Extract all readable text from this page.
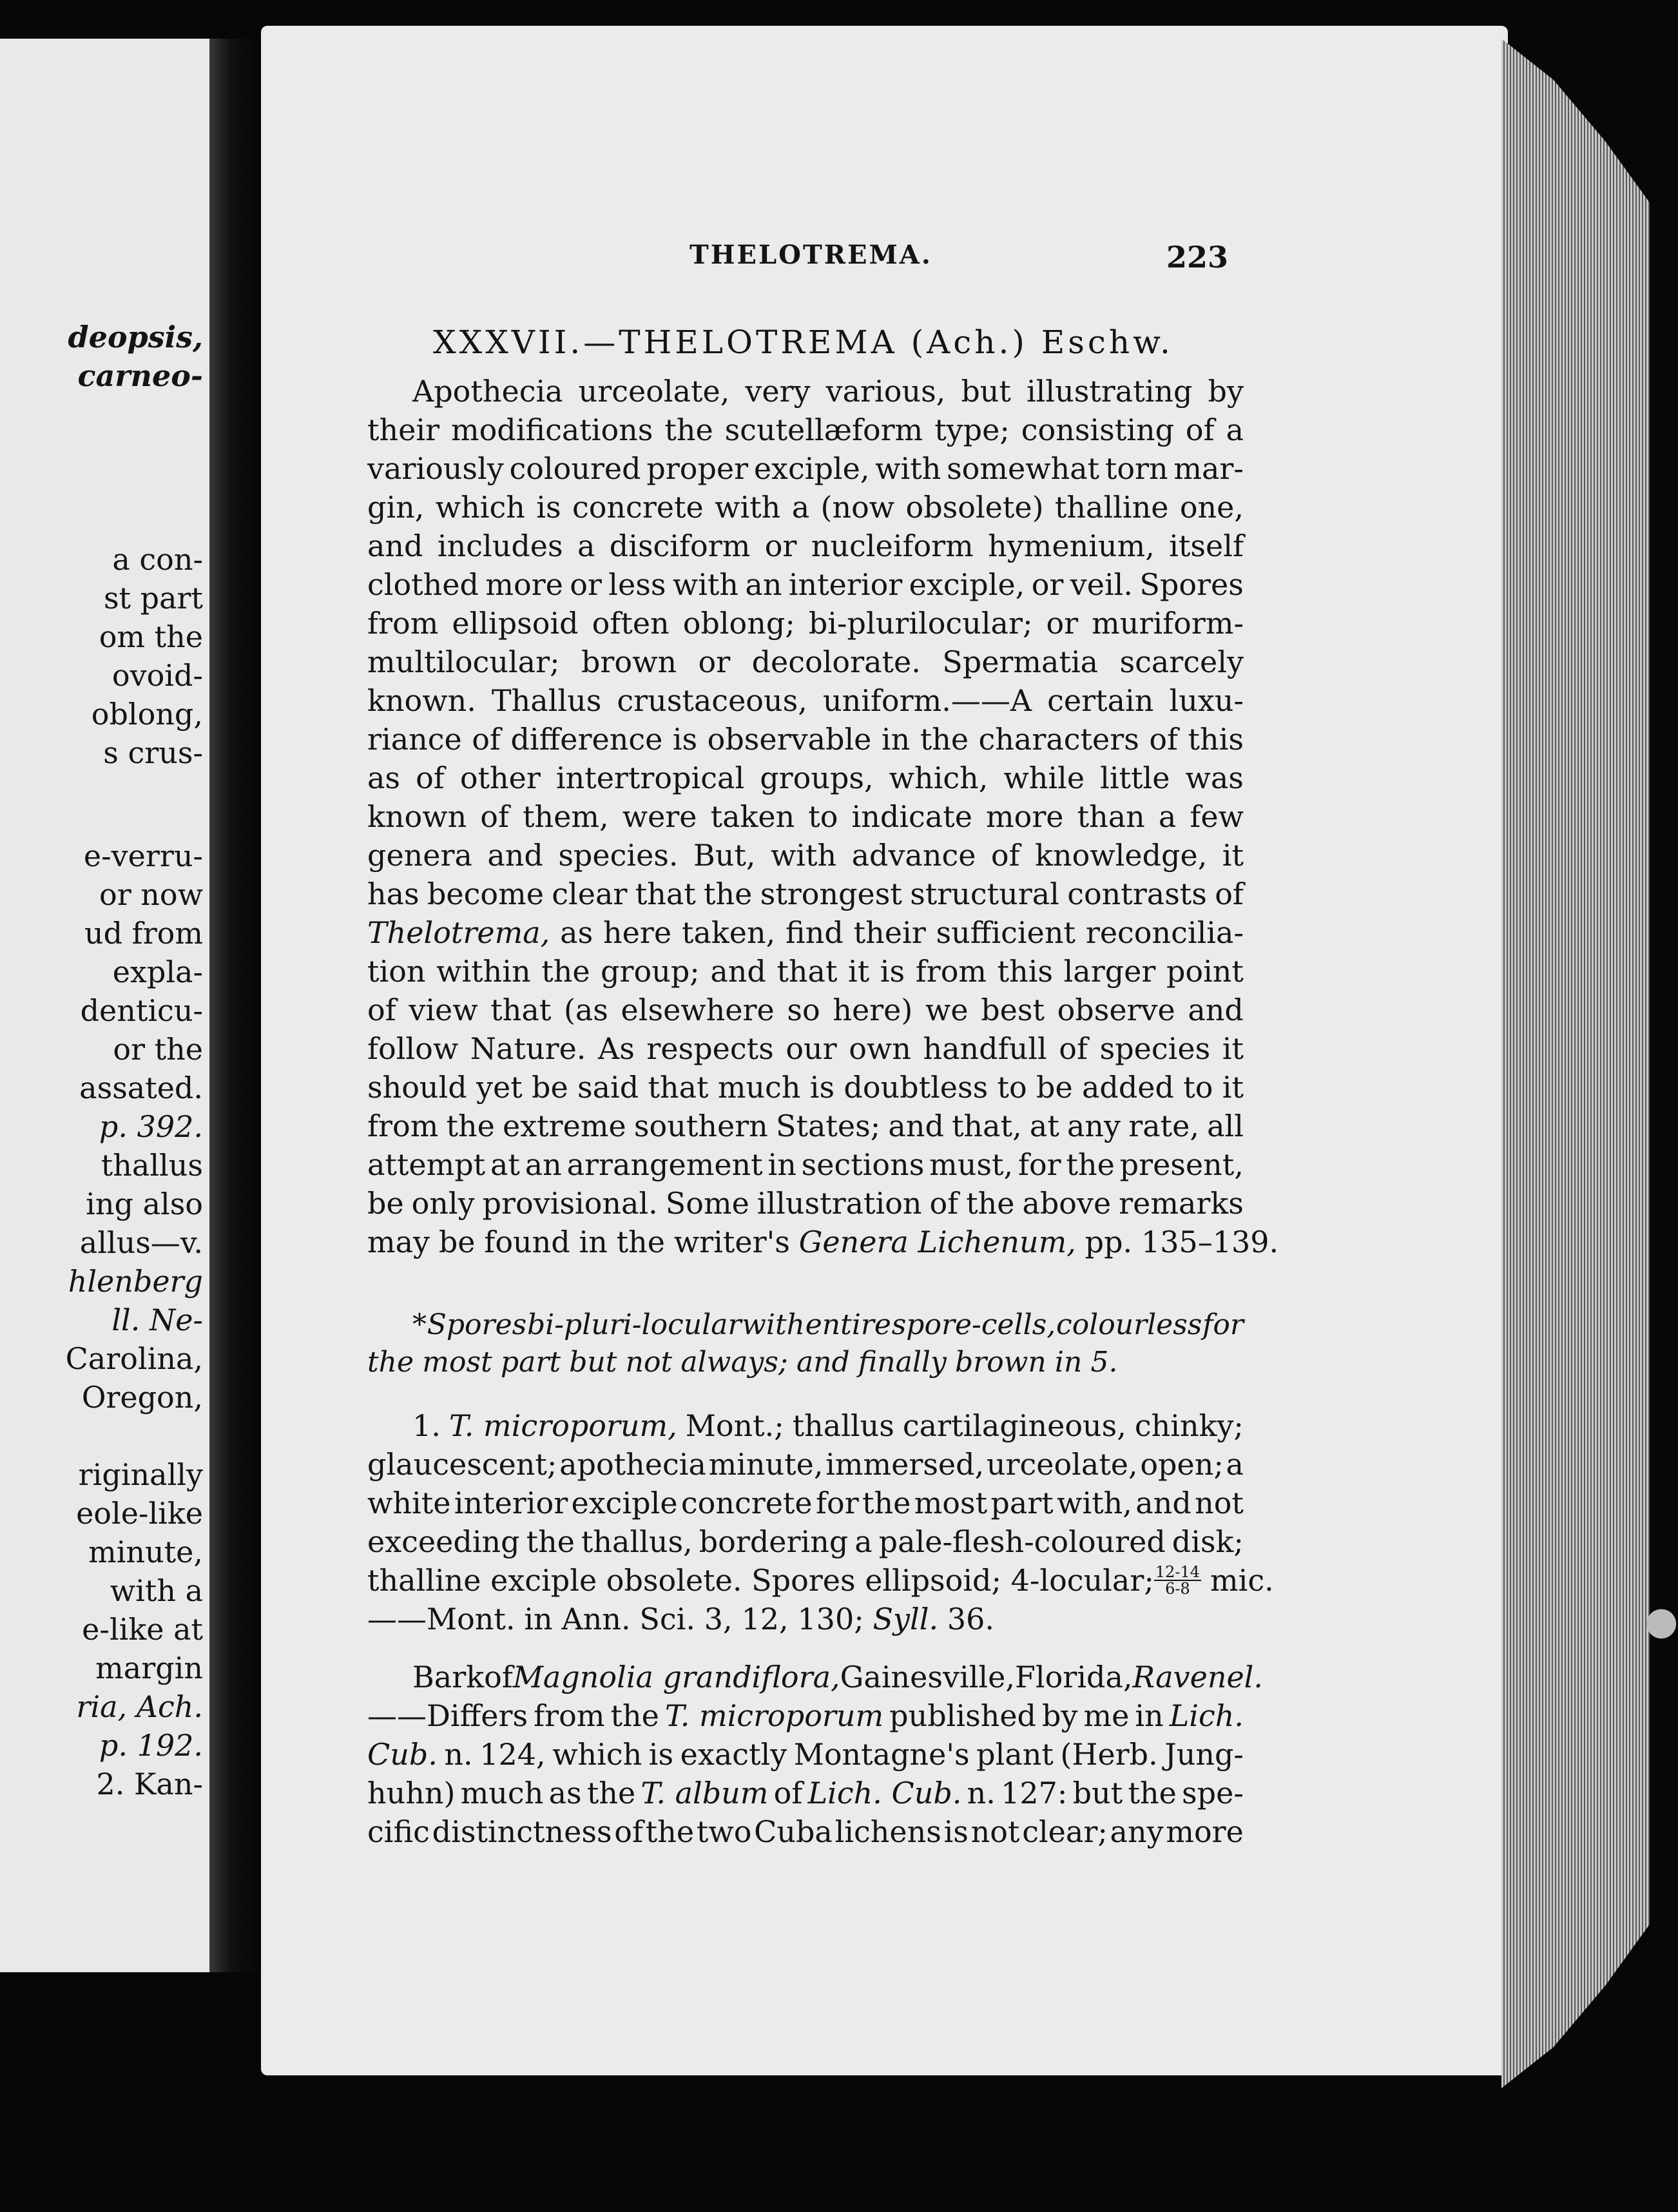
deopsis,
carneo-
a con-
st part
om the
ovoid-
oblong,
s crus-
e-verru-
or now
ud from
expla-
denticu-
or the
assated.
p. 392.
thallus
ing also
allus—v.
hlenberg
ll. Ne-
Carolina,
Oregon,
riginally
eole-like
minute,
with a
e-like at
margin
ria, Ach.
p. 192.
2. Kan-
THELOTREMA.	223
XXXVII.—THELOTREMA (Ach.) Eschw.
Apothecia urceolate, very various, but illustrating by
their modifications the scutellæform type; consisting of a
variously coloured proper exciple, with somewhat torn mar-
gin, which is concrete with a (now obsolete) thalline one,
and includes a disciform or nucleiform hymenium, itself
clothed more or less with an interior exciple, or veil. Spores
from ellipsoid often oblong; bi-plurilocular; or muriform-
multilocular; brown or decolorate. Spermatia scarcely
known. Thallus crustaceous, uniform.——A certain luxu-
riance of difference is observable in the characters of this
as of other intertropical groups, which, while little was
known of them, were taken to indicate more than a few
genera and species. But, with advance of knowledge, it
has become clear that the strongest structural contrasts of
Thelotrema, as here taken, find their sufficient reconcilia-
tion within the group; and that it is from this larger point
of view that (as elsewhere so here) we best observe and
follow Nature. As respects our own handfull of species it
should yet be said that much is doubtless to be added to it
from the extreme southern States; and that, at any rate, all
attempt at an arrangement in sections must, for the present,
be only provisional. Some illustration of the above remarks
may be found in the writer's Genera Lichenum, pp. 135–139.
* Spores bi-pluri-locular with entire spore-cells, colourless for
the most part but not always; and finally brown in 5.
1. T. microporum, Mont.; thallus cartilagineous, chinky;
glaucescent; apothecia minute, immersed, urceolate, open; a
white interior exciple concrete for the most part with, and not
exceeding the thallus, bordering a pale-flesh-coloured disk;
thalline exciple obsolete. Spores ellipsoid; 4-locular; $\frac{12-14}{6-8}$ mic.
——Mont. in Ann. Sci. 3, 12, 130; Syll. 36.
Bark of Magnolia grandiflora, Gainesville, Florida, Ravenel.
——Differs from the T. microporum published by me in Lich.
Cub. n. 124, which is exactly Montagne's plant (Herb. Jung-
huhn) much as the T. album of Lich. Cub. n. 127: but the spe-
cific distinctness of the two Cuba lichens is not clear; any more
●
